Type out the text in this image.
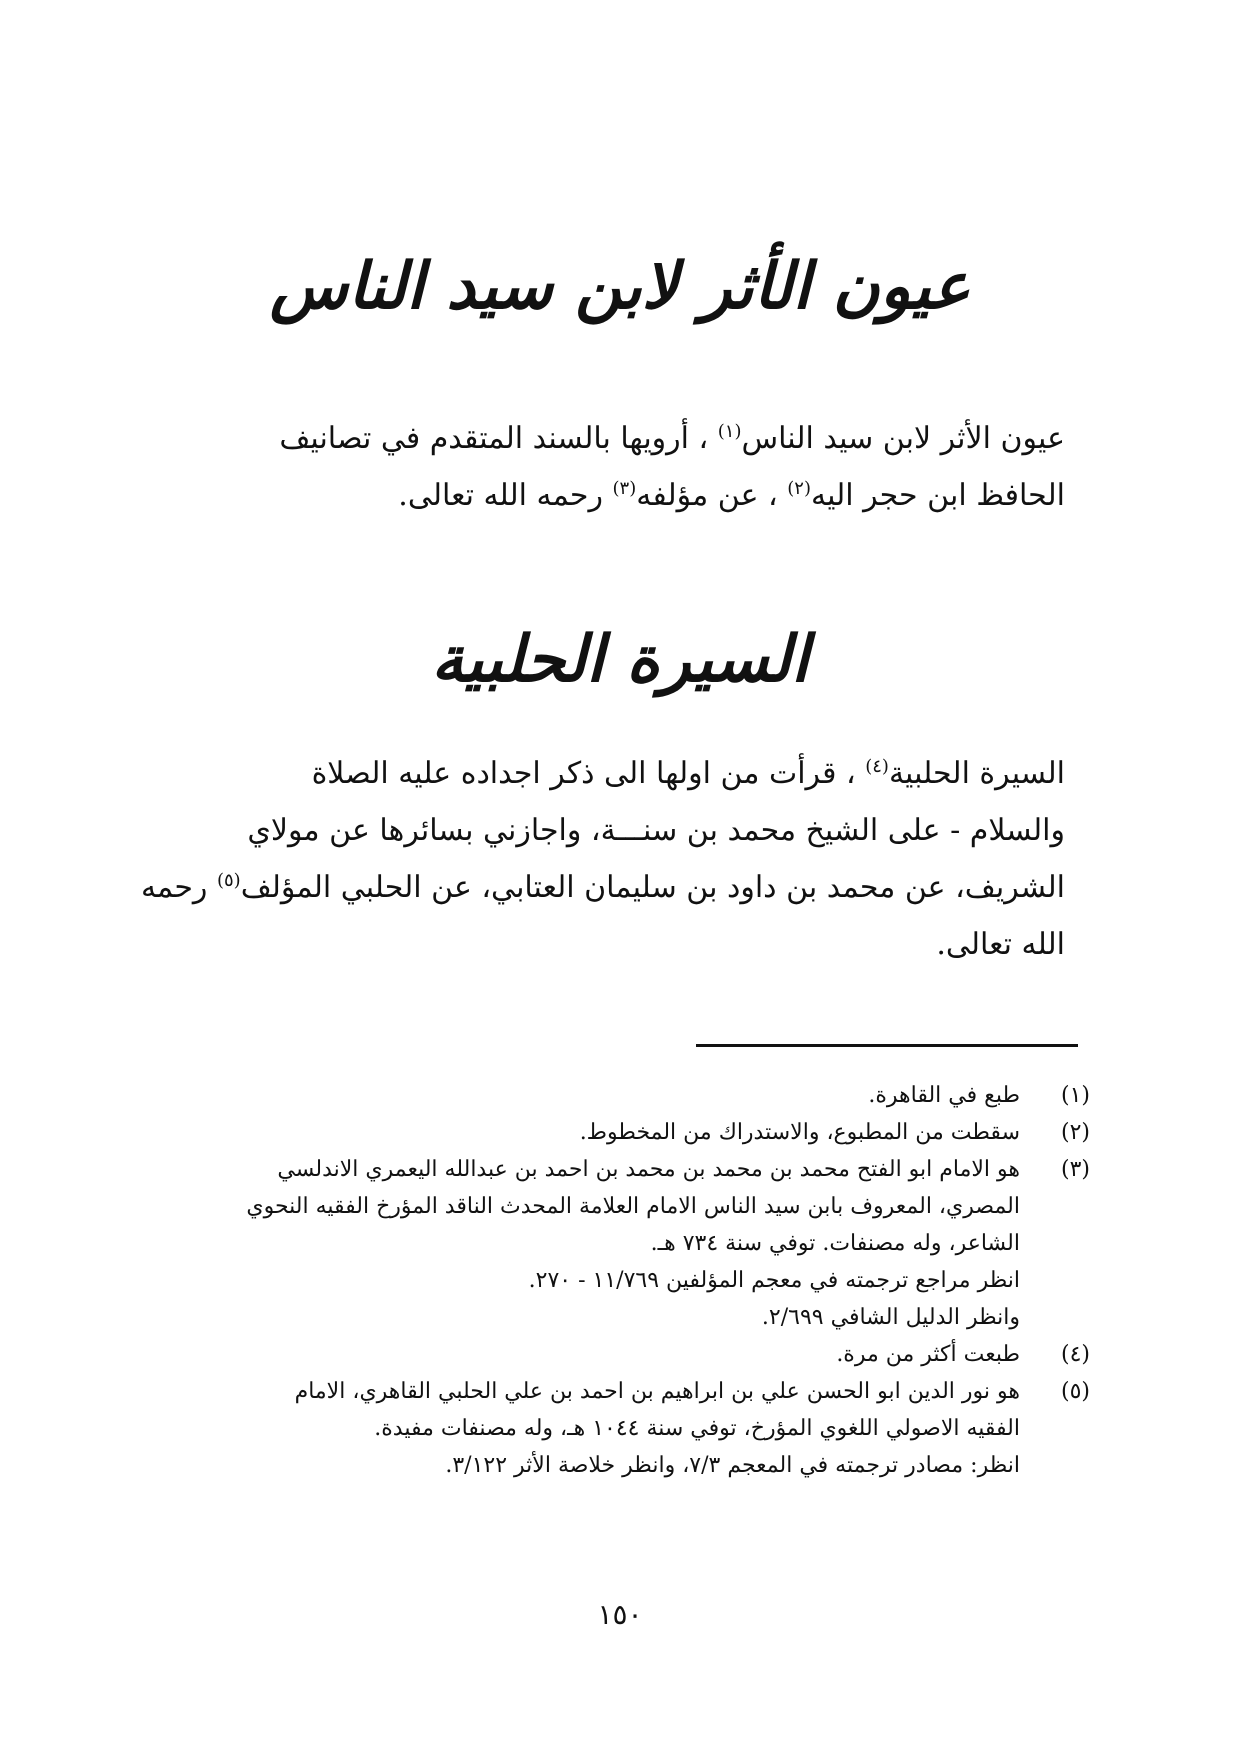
عيون الأثر لابن سيد الناس
عيون الأثر لابن سيد الناس$^{(١)}$ ، أرويها بالسند المتقدم في تصانيف
الحافظ ابن حجر اليه$^{(٢)}$ ، عن مؤلفه$^{(٣)}$ رحمه الله تعالى.
السيرة الحلبية
السيرة الحلبية$^{(٤)}$ ، قرأت من اولها الى ذكر اجداده عليه الصلاة
والسلام - على الشيخ محمد بن سنـــة، واجازني بسائرها عن مولاي
الشريف، عن محمد بن داود بن سليمان العتابي، عن الحلبي المؤلف$^{(٥)}$ رحمه
الله تعالى.
(١)
طبع في القاهرة.
(٢)
سقطت من المطبوع، والاستدراك من المخطوط.
(٣)
هو الامام ابو الفتح محمد بن محمد بن محمد بن احمد بن عبدالله اليعمري الاندلسي
المصري، المعروف بابن سيد الناس الامام العلامة المحدث الناقد المؤرخ الفقيه النحوي
الشاعر، وله مصنفات. توفي سنة ٧٣٤ هـ.
انظر مراجع ترجمته في معجم المؤلفين ١١/٧٦٩ - ٢٧٠.
وانظر الدليل الشافي ٢/٦٩٩.
(٤)
طبعت أكثر من مرة.
(٥)
هو نور الدين ابو الحسن علي بن ابراهيم بن احمد بن علي الحلبي القاهري، الامام
الفقيه الاصولي اللغوي المؤرخ، توفي سنة ١٠٤٤ هـ، وله مصنفات مفيدة.
انظر: مصادر ترجمته في المعجم ٧/٣، وانظر خلاصة الأثر ٣/١٢٢.
١٥٠
